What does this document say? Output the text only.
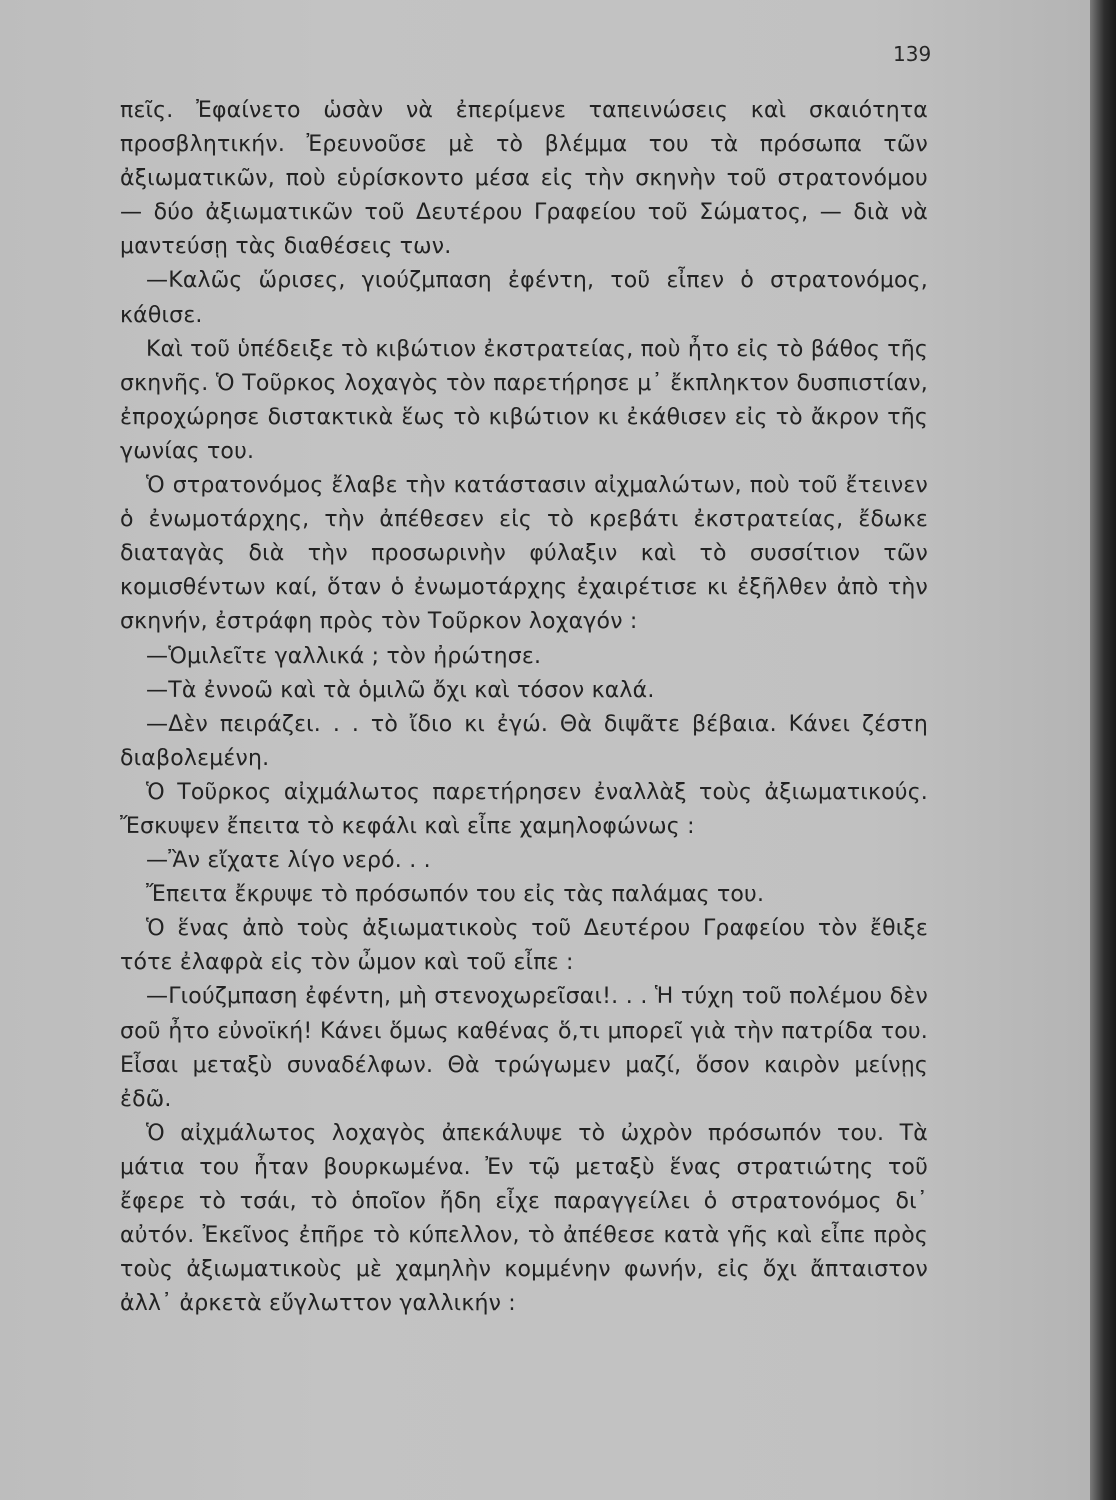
139

πεῖς. Ἐφαίνετο ὡσὰν νὰ ἐπερίμενε ταπεινώσεις καὶ σκαιότητα προσβλητικήν. Ἐρευνοῦσε μὲ τὸ βλέμμα του τὰ πρόσωπα τῶν ἀξιωματικῶν, ποὺ εὑρίσκοντο μέσα εἰς τὴν σκηνὴν τοῦ στρατονόμου — δύο ἀξιωματικῶν τοῦ Δευτέρου Γραφείου τοῦ Σώματος, — διὰ νὰ μαντεύσῃ τὰς διαθέσεις των.

—Καλῶς ὥρισες, γιούζμπαση ἐφέντη, τοῦ εἶπεν ὁ στρατονόμος, κάθισε.

Καὶ τοῦ ὑπέδειξε τὸ κιβώτιον ἐκστρατείας, ποὺ ἦτο εἰς τὸ βάθος τῆς σκηνῆς. Ὁ Τοῦρκος λοχαγὸς τὸν παρετήρησε μ᾿ ἔκπληκτον δυσπιστίαν, ἐπροχώρησε διστακτικὰ ἕως τὸ κιβώτιον κι ἐκάθισεν εἰς τὸ ἄκρον τῆς γωνίας του.

Ὁ στρατονόμος ἔλαβε τὴν κατάστασιν αἰχμαλώτων, ποὺ τοῦ ἔτεινεν ὁ ἐνωμοτάρχης, τὴν ἀπέθεσεν εἰς τὸ κρεβάτι ἐκστρατείας, ἔδωκε διαταγὰς διὰ τὴν προσωρινὴν φύλαξιν καὶ τὸ συσσίτιον τῶν κομισθέντων καί, ὅταν ὁ ἐνωμοτάρχης ἐχαιρέτισε κι ἐξῆλθεν ἀπὸ τὴν σκηνήν, ἐστράφη πρὸς τὸν Τοῦρκον λοχαγόν :

—Ὁμιλεῖτε γαλλικά ; τὸν ἠρώτησε.

—Τὰ ἐννοῶ καὶ τὰ ὁμιλῶ ὄχι καὶ τόσον καλά.

—Δὲν πειράζει. . . τὸ ἴδιο κι ἐγώ. Θὰ διψᾶτε βέβαια. Κάνει ζέστη διαβολεμένη.

Ὁ Τοῦρκος αἰχμάλωτος παρετήρησεν ἐναλλὰξ τοὺς ἀξιωματικούς. Ἔσκυψεν ἔπειτα τὸ κεφάλι καὶ εἶπε χαμηλοφώνως :

—Ἂν εἴχατε λίγο νερό. . .

Ἔπειτα ἔκρυψε τὸ πρόσωπόν του εἰς τὰς παλάμας του.

Ὁ ἕνας ἀπὸ τοὺς ἀξιωματικοὺς τοῦ Δευτέρου Γραφείου τὸν ἔθιξε τότε ἐλαφρὰ εἰς τὸν ὦμον καὶ τοῦ εἶπε :

—Γιούζμπαση ἐφέντη, μὴ στενοχωρεῖσαι!. . . Ἡ τύχη τοῦ πολέμου δὲν σοῦ ἦτο εὐνοϊκή! Κάνει ὅμως καθένας ὅ,τι μπορεῖ γιὰ τὴν πατρίδα του. Εἶσαι μεταξὺ συναδέλφων. Θὰ τρώγωμεν μαζί, ὅσον καιρὸν μείνῃς ἐδῶ.

Ὁ αἰχμάλωτος λοχαγὸς ἀπεκάλυψε τὸ ὠχρὸν πρόσωπόν του. Τὰ μάτια του ἦταν βουρκωμένα. Ἐν τῷ μεταξὺ ἕνας στρατιώτης τοῦ ἔφερε τὸ τσάι, τὸ ὁποῖον ἤδη εἶχε παραγγείλει ὁ στρατονόμος δι᾿ αὐτόν. Ἐκεῖνος ἐπῆρε τὸ κύπελλον, τὸ ἀπέθεσε κατὰ γῆς καὶ εἶπε πρὸς τοὺς ἀξιωματικοὺς μὲ χαμηλὴν κομμένην φωνήν, εἰς ὄχι ἄπταιστον ἀλλ᾿ ἀρκετὰ εὔγλωττον γαλλικήν :
